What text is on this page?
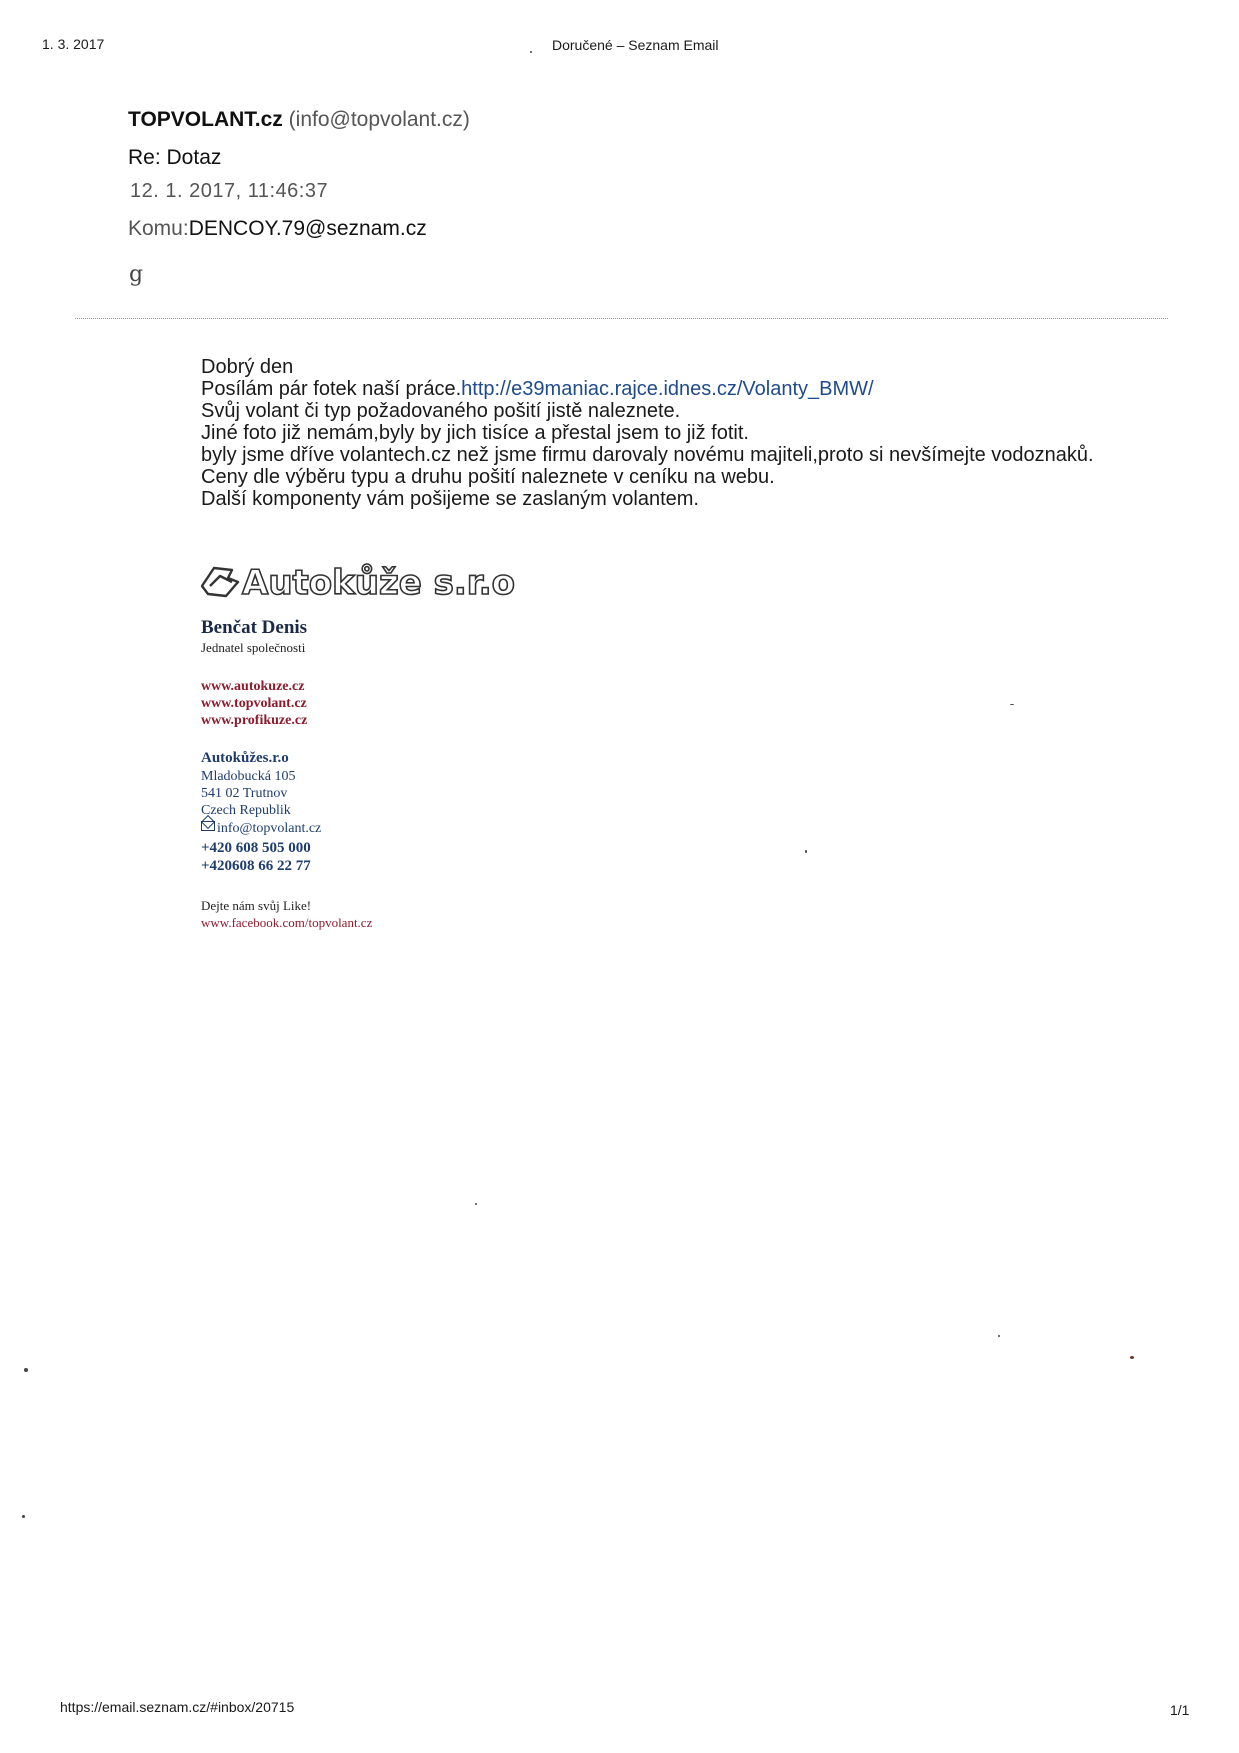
1. 3. 2017	Doručené – Seznam Email
TOPVOLANT.cz (info@topvolant.cz)
Re: Dotaz
12. 1. 2017, 11:46:37
Komu:DENCOY.79@seznam.cz
g

Dobrý den

Posílám pár fotek naší práce.http://e39maniac.rajce.idnes.cz/Volanty_BMW/

Svůj volant či typ požadovaného pošití jistě naleznete.

Jiné foto již nemám,byly by jich tisíce a přestal jsem to již fotit.

byly jsme dříve volantech.cz než jsme firmu darovaly novému majiteli,proto si nevšímejte vodoznaků.

Ceny dle výběru typu a druhu pošití naleznete v ceníku na webu.

Další komponenty vám pošijeme se zaslaným volantem.

Autokůže s.r.o

Benčat Denis

Jednatel společnosti

www.autokuze.cz
www.topvolant.cz
www.profikuze.cz
Autokůžes.r.o
Mladobucká 105
541 02 Trutnov
Czech Republik
info@topvolant.cz
+420 608 505 000
+420608 66 22 77
Dejte nám svůj Like!
www.facebook.com/topvolant.cz
https://email.seznam.cz/#inbox/20715	1/1
